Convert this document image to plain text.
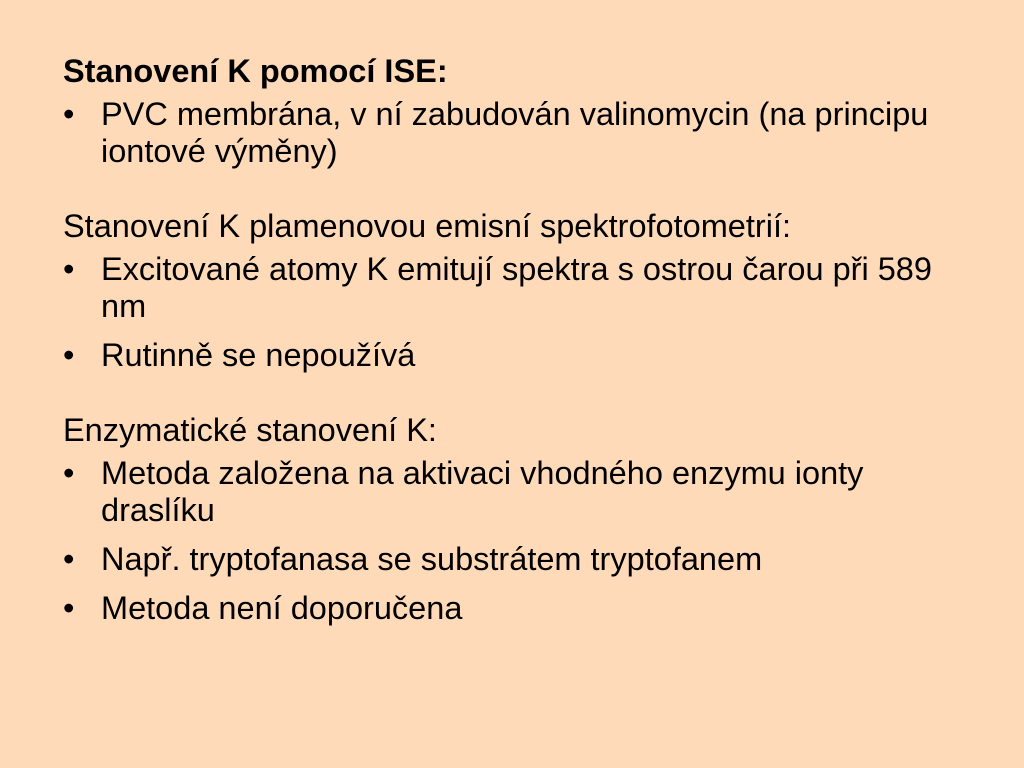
Stanovení K pomocí ISE:
• PVC membrána, v ní zabudován valinomycin (na principu iontové výměny)
Stanovení K plamenovou emisní spektrofotometrií:
• Excitované atomy K emitují spektra s ostrou čarou při 589 nm
• Rutinně se nepoužívá
Enzymatické stanovení K:
• Metoda založena na aktivaci vhodného enzymu ionty draslíku
• Např. tryptofanasa se substrátem tryptofanem
• Metoda není doporučena
